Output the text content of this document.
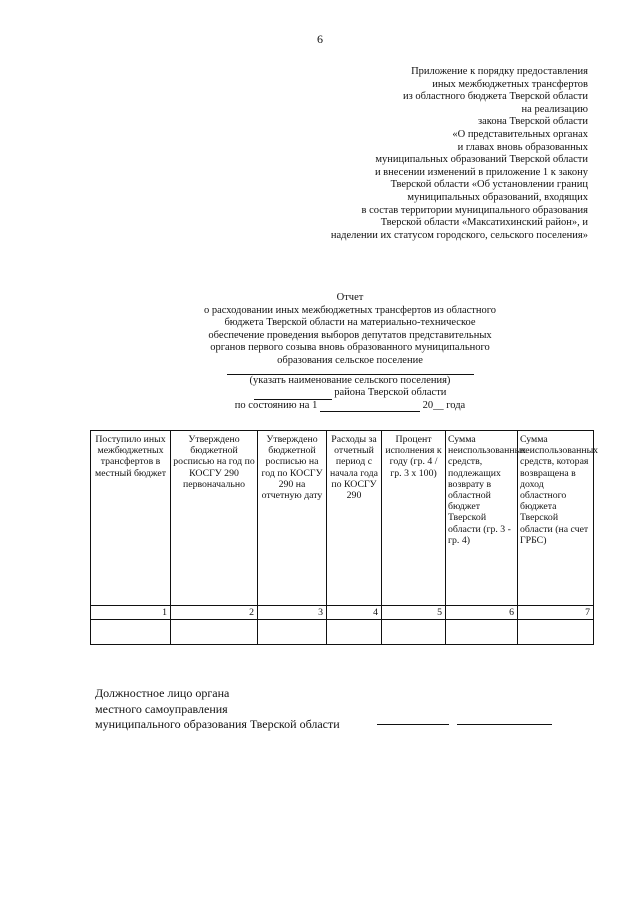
6
Приложение к порядку предоставления
иных межбюджетных трансфертов
из областного бюджета Тверской области
на реализацию
закона Тверской области
«О представительных органах
и главах вновь образованных
муниципальных образований Тверской области
и внесении изменений в приложение 1 к закону
Тверской области «Об установлении границ
муниципальных образований, входящих
в состав территории муниципального образования
Тверской области «Максатихинский район», и
наделении их статусом городского, сельского поселения»
Отчет
о расходовании иных межбюджетных трансфертов из областного
бюджета Тверской области на материально-техническое
обеспечение проведения выборов депутатов представительных
органов первого созыва вновь образованного муниципального
образования сельское поселение
(указать наименование сельского поселения)
района Тверской области
по состоянию на 1	20__ года
Поступило иных межбюджетных трансфертов в местный бюджет	Утверждено бюджетной росписью на год по КОСГУ 290 первоначально	Утверждено бюджетной росписью на год по КОСГУ 290 на отчетную дату	Расходы за отчетный период с начала года по КОСГУ 290	Процент исполнения к году (гр. 4 / гр. 3 х 100)	Сумма неиспользованных средств, подлежащих возврату в областной бюджет Тверской области (гр. 3 - гр. 4)	Сумма неиспользованных средств, которая возвращена в доход областного бюджета Тверской области (на счет ГРБС)
1	2	3	4	5	6	7

Должностное лицо органа
местного самоуправления
муниципального образования Тверской области
